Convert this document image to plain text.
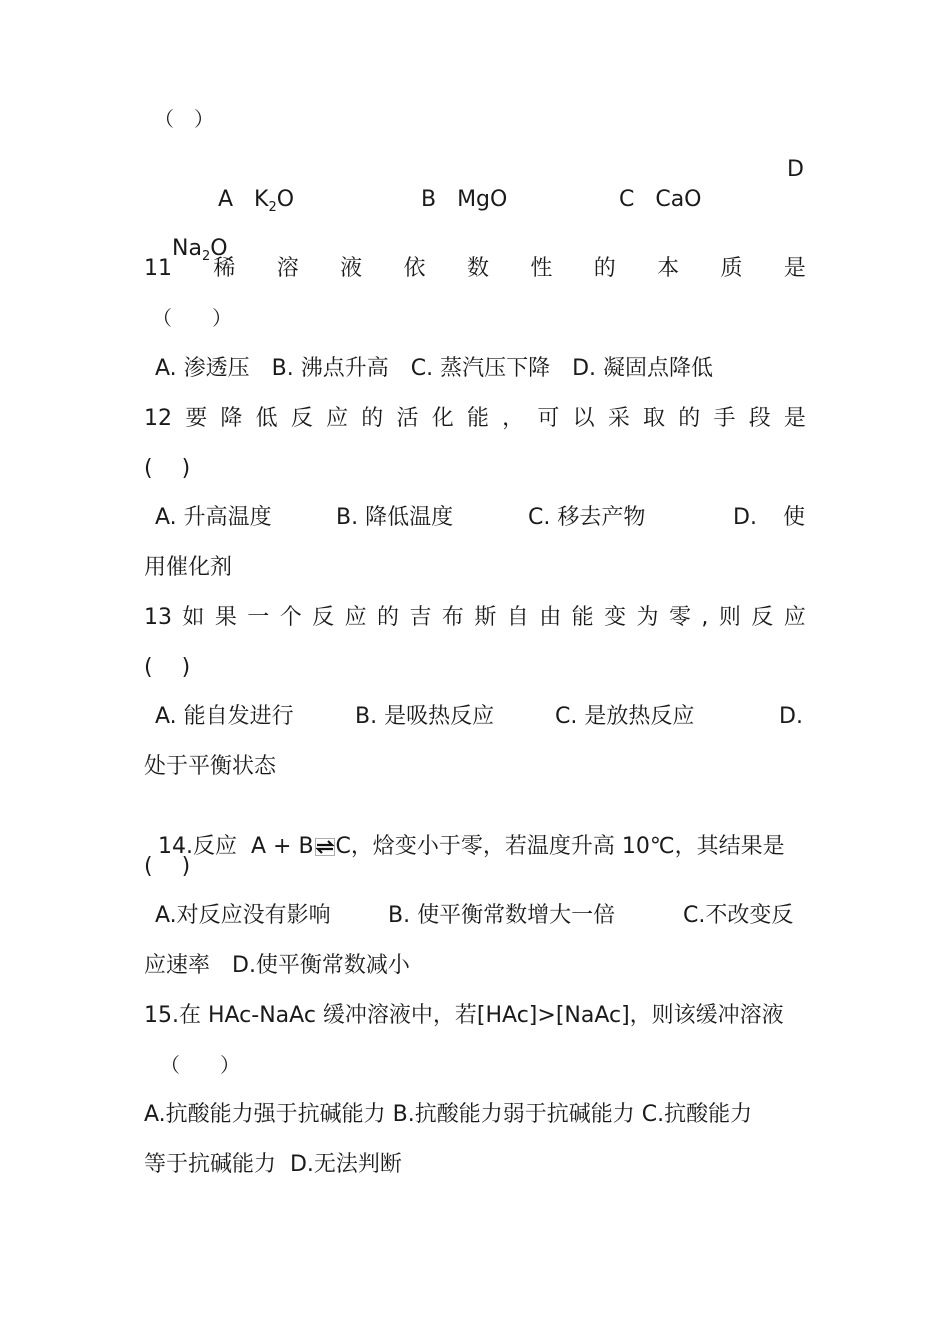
（　）

A $K_2O$
	B MgO
	C CaO

D

$Na_2O$

11 稀 溶 液 依 数 性 的 本 质 是
（　　）
A. 渗透压　B. 沸点升高　C. 蒸汽压下降　D. 凝固点降低
12 要 降 低 反 应 的 活 化 能 ， 可 以 采 取 的 手 段 是
(　 )
A. 升高温度	B. 降低温度	C. 移去产物	D. 使
用催化剂
13 如 果 一 个 反 应 的 吉 布 斯 自 由 能 变 为 零 , 则 反 应
(　 )
A. 能自发进行	B. 是吸热反应	C. 是放热反应	D.
处于平衡状态

14.反应  A + B C，焓变小于零，若温度升高 10℃，其结果是

(　 )
A.对反应没有影响	B. 使平衡常数增大一倍	C.不改变反
应速率　D.使平衡常数减小
15.在 HAc-NaAc 缓冲溶液中，若[HAc]>[NaAc]，则该缓冲溶液
（　　）
A.抗酸能力强于抗碱能力 B.抗酸能力弱于抗碱能力 C.抗酸能力
等于抗碱能力  D.无法判断
